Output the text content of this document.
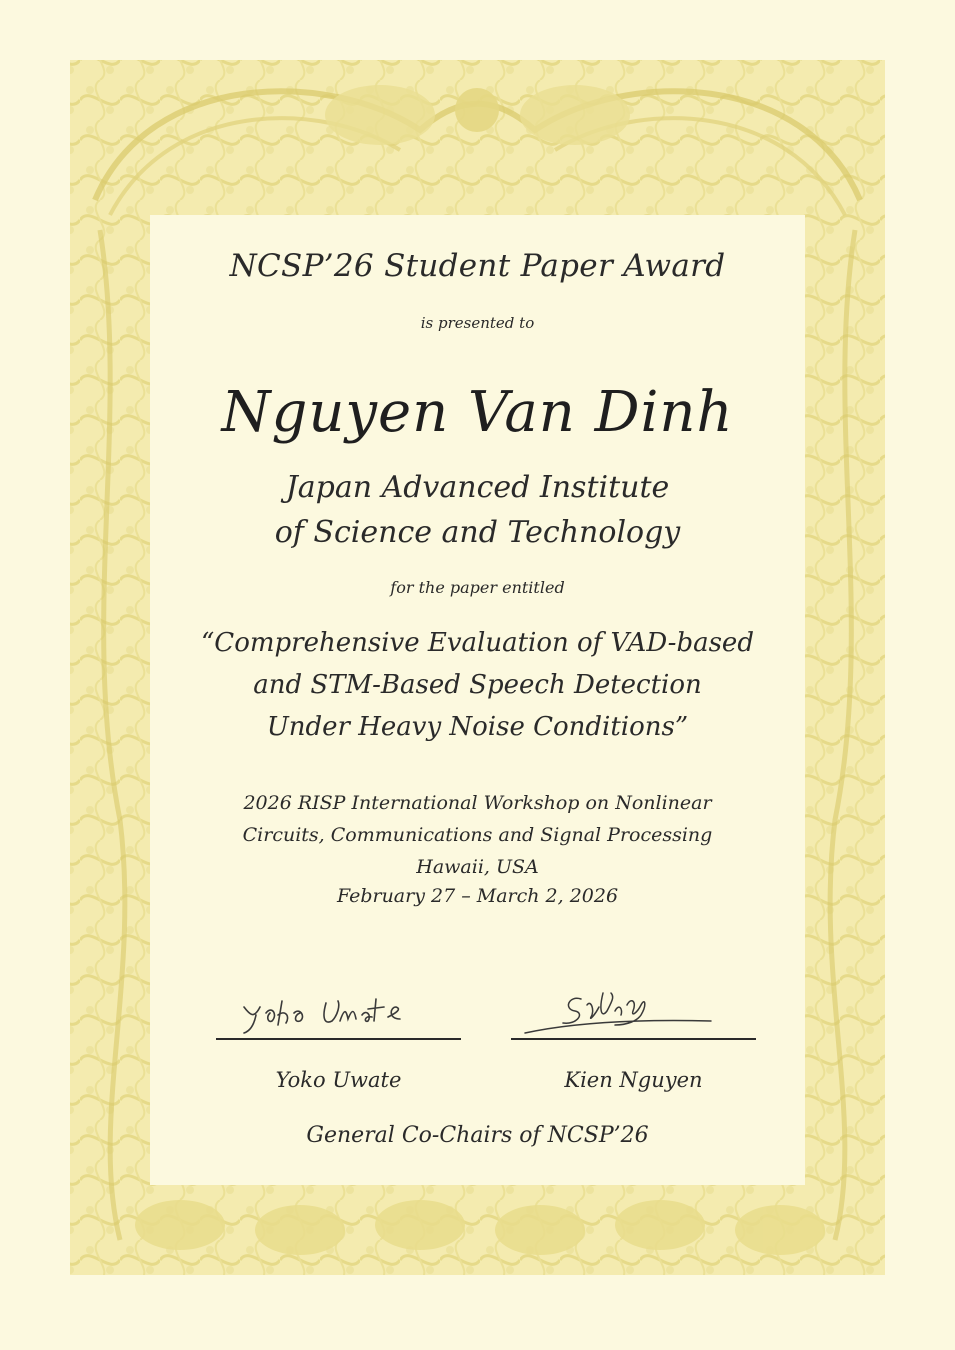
NCSP’26 Student Paper Award
is presented to
Nguyen Van Dinh
Japan Advanced Institute
of Science and Technology
for the paper entitled
“Comprehensive Evaluation of VAD-based
and STM-Based Speech Detection
Under Heavy Noise Conditions”
2026 RISP International Workshop on Nonlinear
Circuits, Communications and Signal Processing
Hawaii, USA
February 27 – March 2, 2026
Yoko Uwate	Kien Nguyen
General Co-Chairs of NCSP’26
